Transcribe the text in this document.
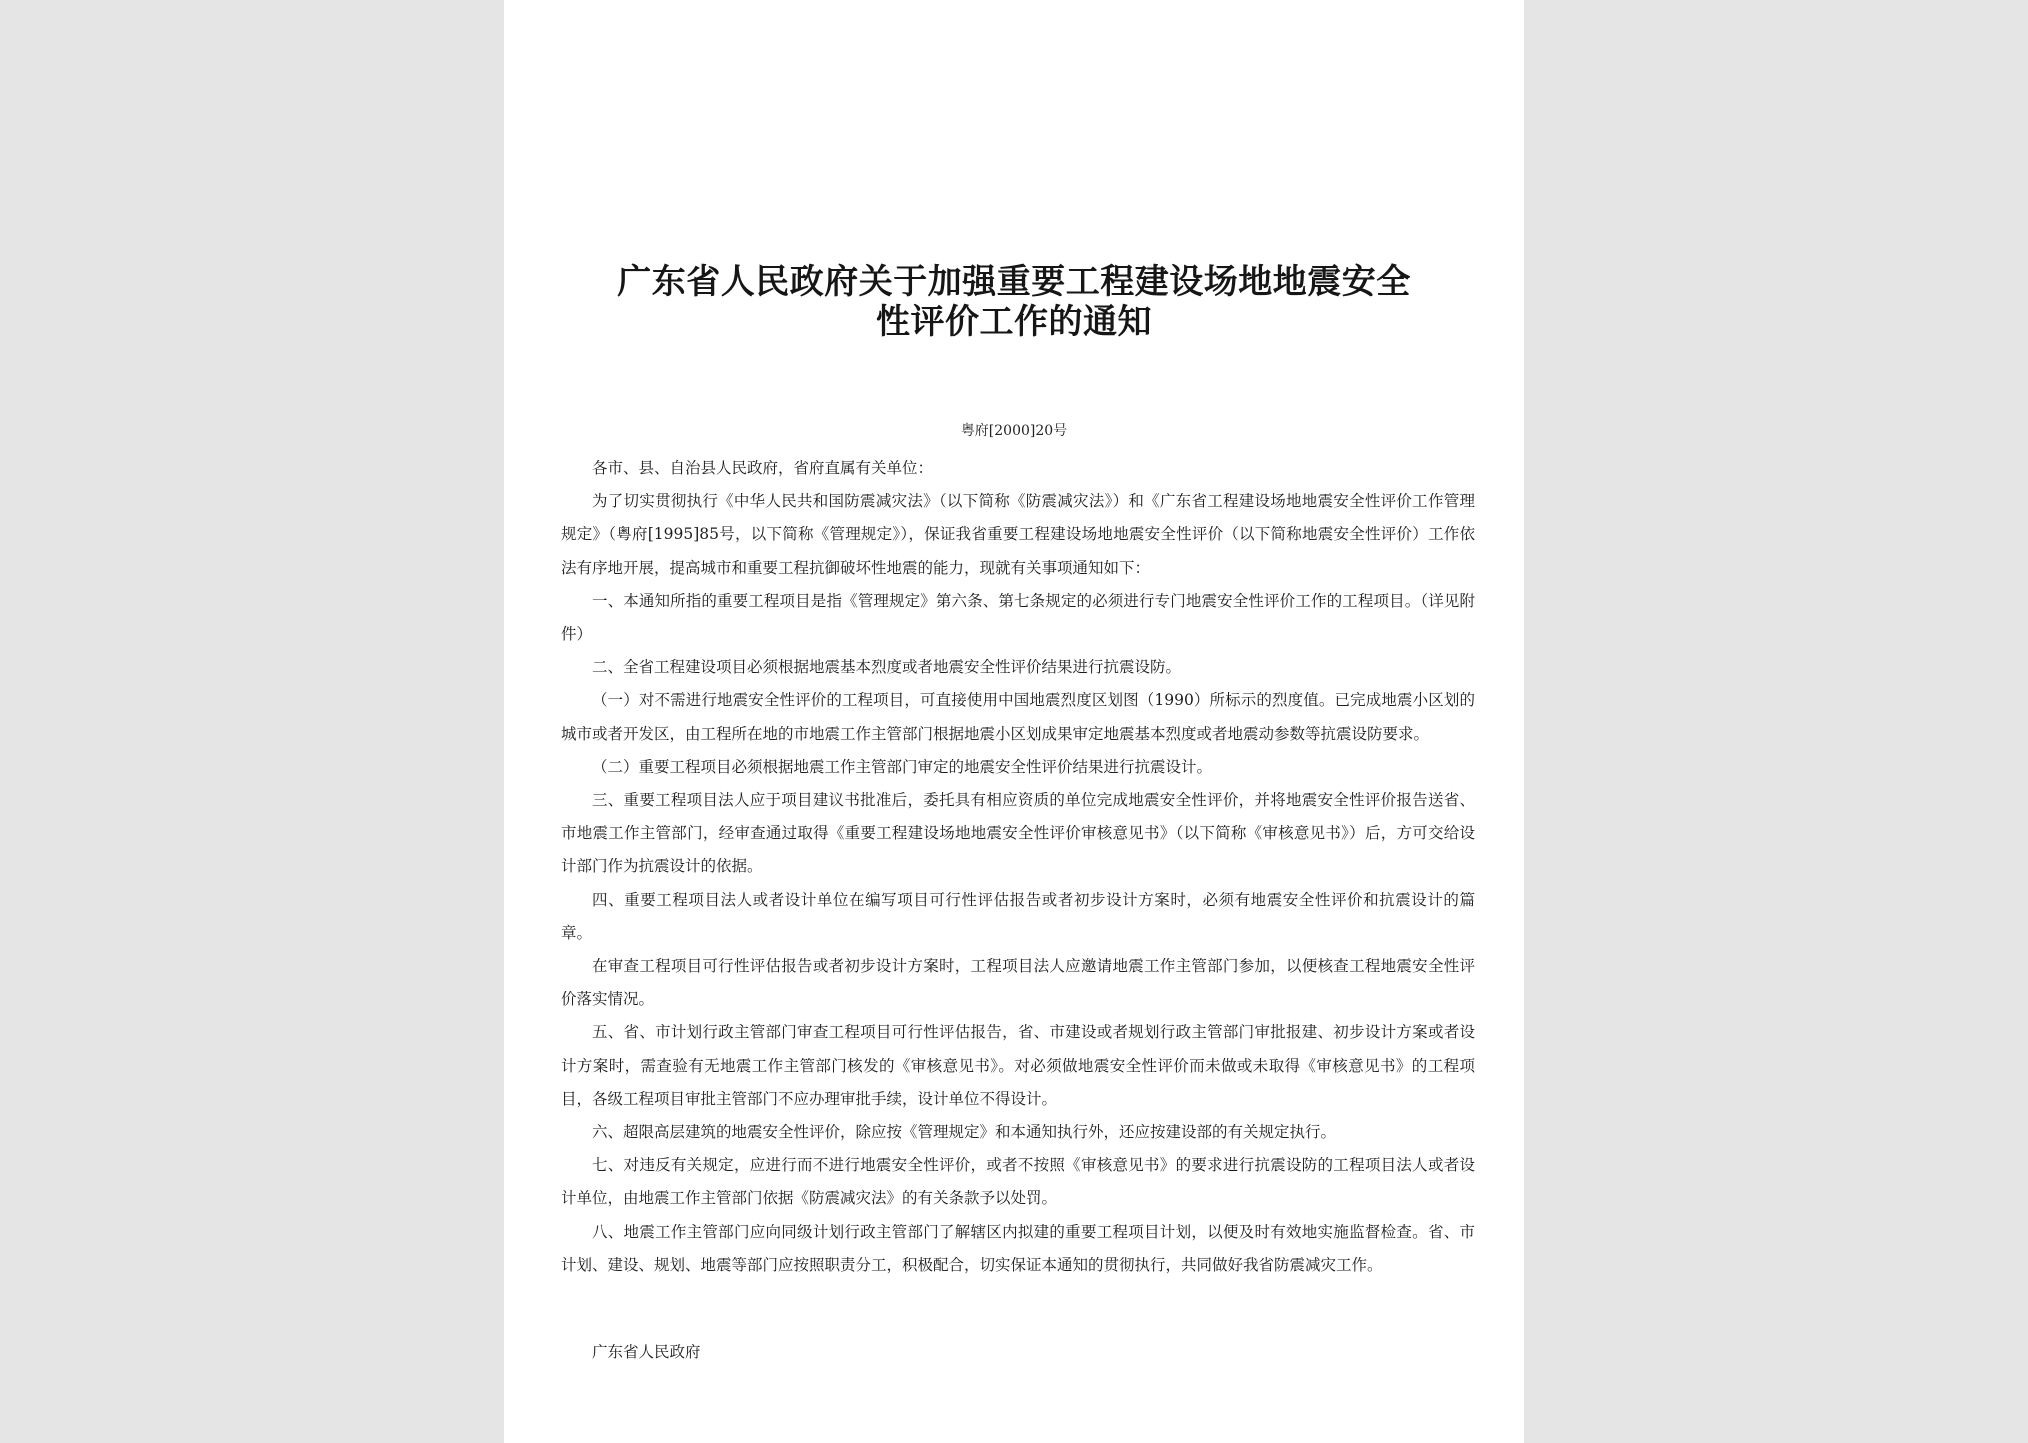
广东省人民政府关于加强重要工程建设场地地震安全
性评价工作的通知
粤府[2000]20号

各市、县、自治县人民政府，省府直属有关单位：

为了切实贯彻执行《中华人民共和国防震减灾法》（以下简称《防震减灾法》）和《广东省工程建设场地地震安全性评价工作管理规定》（粤府[1995]85号，以下简称《管理规定》），保证我省重要工程建设场地地震安全性评价（以下简称地震安全性评价）工作依法有序地开展，提高城市和重要工程抗御破坏性地震的能力，现就有关事项通知如下：

一、本通知所指的重要工程项目是指《管理规定》第六条、第七条规定的必须进行专门地震安全性评价工作的工程项目。（详见附件）

二、全省工程建设项目必须根据地震基本烈度或者地震安全性评价结果进行抗震设防。

（一）对不需进行地震安全性评价的工程项目，可直接使用中国地震烈度区划图（1990）所标示的烈度值。已完成地震小区划的城市或者开发区，由工程所在地的市地震工作主管部门根据地震小区划成果审定地震基本烈度或者地震动参数等抗震设防要求。

（二）重要工程项目必须根据地震工作主管部门审定的地震安全性评价结果进行抗震设计。

三、重要工程项目法人应于项目建议书批准后，委托具有相应资质的单位完成地震安全性评价，并将地震安全性评价报告送省、市地震工作主管部门，经审查通过取得《重要工程建设场地地震安全性评价审核意见书》（以下简称《审核意见书》）后，方可交给设计部门作为抗震设计的依据。

四、重要工程项目法人或者设计单位在编写项目可行性评估报告或者初步设计方案时，必须有地震安全性评价和抗震设计的篇章。

在审查工程项目可行性评估报告或者初步设计方案时，工程项目法人应邀请地震工作主管部门参加，以便核查工程地震安全性评价落实情况。

五、省、市计划行政主管部门审查工程项目可行性评估报告，省、市建设或者规划行政主管部门审批报建、初步设计方案或者设计方案时，需查验有无地震工作主管部门核发的《审核意见书》。对必须做地震安全性评价而未做或未取得《审核意见书》的工程项目，各级工程项目审批主管部门不应办理审批手续，设计单位不得设计。

六、超限高层建筑的地震安全性评价，除应按《管理规定》和本通知执行外，还应按建设部的有关规定执行。

七、对违反有关规定，应进行而不进行地震安全性评价，或者不按照《审核意见书》的要求进行抗震设防的工程项目法人或者设计单位，由地震工作主管部门依据《防震减灾法》的有关条款予以处罚。

八、地震工作主管部门应向同级计划行政主管部门了解辖区内拟建的重要工程项目计划，以便及时有效地实施监督检查。省、市计划、建设、规划、地震等部门应按照职责分工，积极配合，切实保证本通知的贯彻执行，共同做好我省防震减灾工作。

广东省人民政府
